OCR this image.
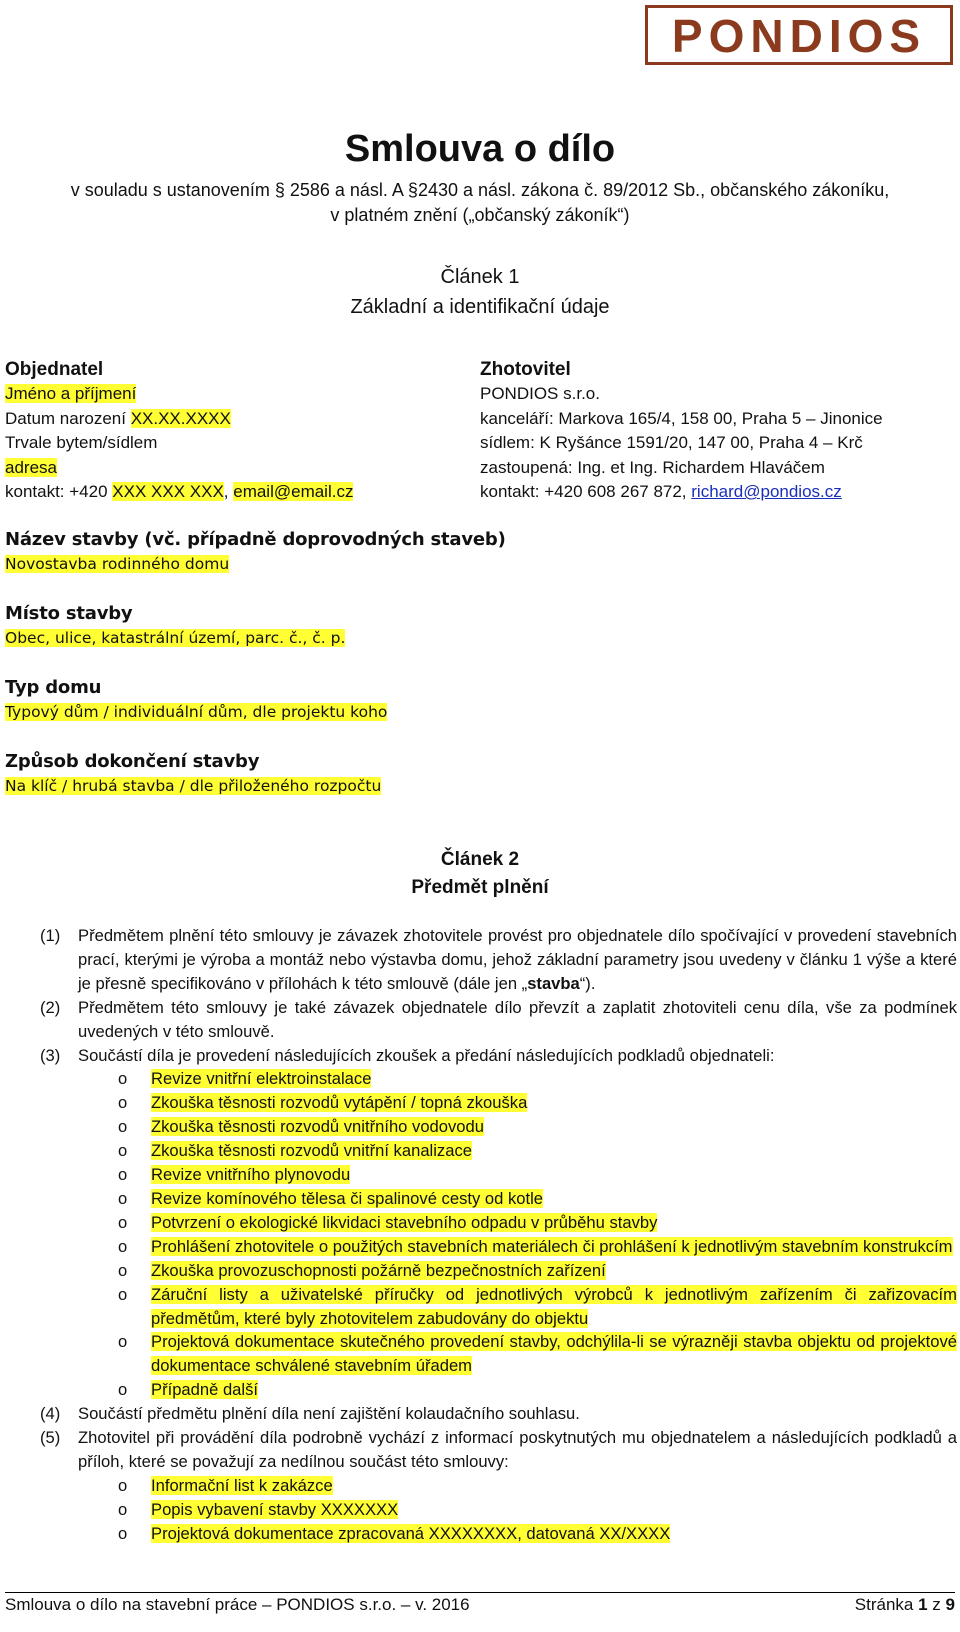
PONDIOS
Smlouva o dílo
v souladu s ustanovením § 2586 a násl. A §2430 a násl. zákona č. 89/2012 Sb., občanského zákoníku,
v platném znění („občanský zákoník“)
Článek 1
Základní a identifikační údaje
Objednatel
Jméno a příjmení
Datum narození XX.XX.XXXX
Trvale bytem/sídlem
adresa
kontakt: +420 XXX XXX XXX, email@email.cz
Zhotovitel
PONDIOS s.r.o.
kanceláří: Markova 165/4, 158 00, Praha 5 – Jinonice
sídlem: K Ryšánce 1591/20, 147 00, Praha 4 – Krč
zastoupená: Ing. et Ing. Richardem Hlaváčem
kontakt: +420 608 267 872, richard@pondios.cz
Název stavby (vč. případně doprovodných staveb)
Novostavba rodinného domu
Místo stavby
Obec, ulice, katastrální území, parc. č., č. p.
Typ domu
Typový dům / individuální dům, dle projektu koho
Způsob dokončení stavby
Na klíč / hrubá stavba / dle přiloženého rozpočtu
Článek 2
Předmět plnění
(1)	Předmětem plnění této smlouvy je závazek zhotovitele provést pro objednatele dílo spočívající v provedení stavebních prací, kterými je výroba a montáž nebo výstavba domu, jehož základní parametry jsou uvedeny v článku 1 výše a které je přesně specifikováno v přílohách k této smlouvě (dále jen „stavba“).
(2)	Předmětem této smlouvy je také závazek objednatele dílo převzít a zaplatit zhotoviteli cenu díla, vše za podmínek uvedených v této smlouvě.
(3)	Součástí díla je provedení následujících zkoušek a předání následujících podkladů objednateli:
o	Revize vnitřní elektroinstalace
o	Zkouška těsnosti rozvodů vytápění / topná zkouška
o	Zkouška těsnosti rozvodů vnitřního vodovodu
o	Zkouška těsnosti rozvodů vnitřní kanalizace
o	Revize vnitřního plynovodu
o	Revize komínového tělesa či spalinové cesty od kotle
o	Potvrzení o ekologické likvidaci stavebního odpadu v průběhu stavby
o	Prohlášení zhotovitele o použitých stavebních materiálech či prohlášení k jednotlivým stavebním konstrukcím
o	Zkouška provozuschopnosti požárně bezpečnostních zařízení
o	Záruční listy a uživatelské příručky od jednotlivých výrobců k jednotlivým zařízením či zařizovacím předmětům, které byly zhotovitelem zabudovány do objektu
o	Projektová dokumentace skutečného provedení stavby, odchýlila-li se výrazněji stavba objektu od projektové dokumentace schválené stavebním úřadem
o	Případně další
(4)	Součástí předmětu plnění díla není zajištění kolaudačního souhlasu.
(5)	Zhotovitel při provádění díla podrobně vychází z informací poskytnutých mu objednatelem a následujících podkladů a příloh, které se považují za nedílnou součást této smlouvy:
o	Informační list k zakázce
o	Popis vybavení stavby XXXXXXX
o	Projektová dokumentace zpracovaná XXXXXXXX, datovaná XX/XXXX
Smlouva o dílo na stavební práce – PONDIOS s.r.o. – v. 2016	Stránka 1 z 9
